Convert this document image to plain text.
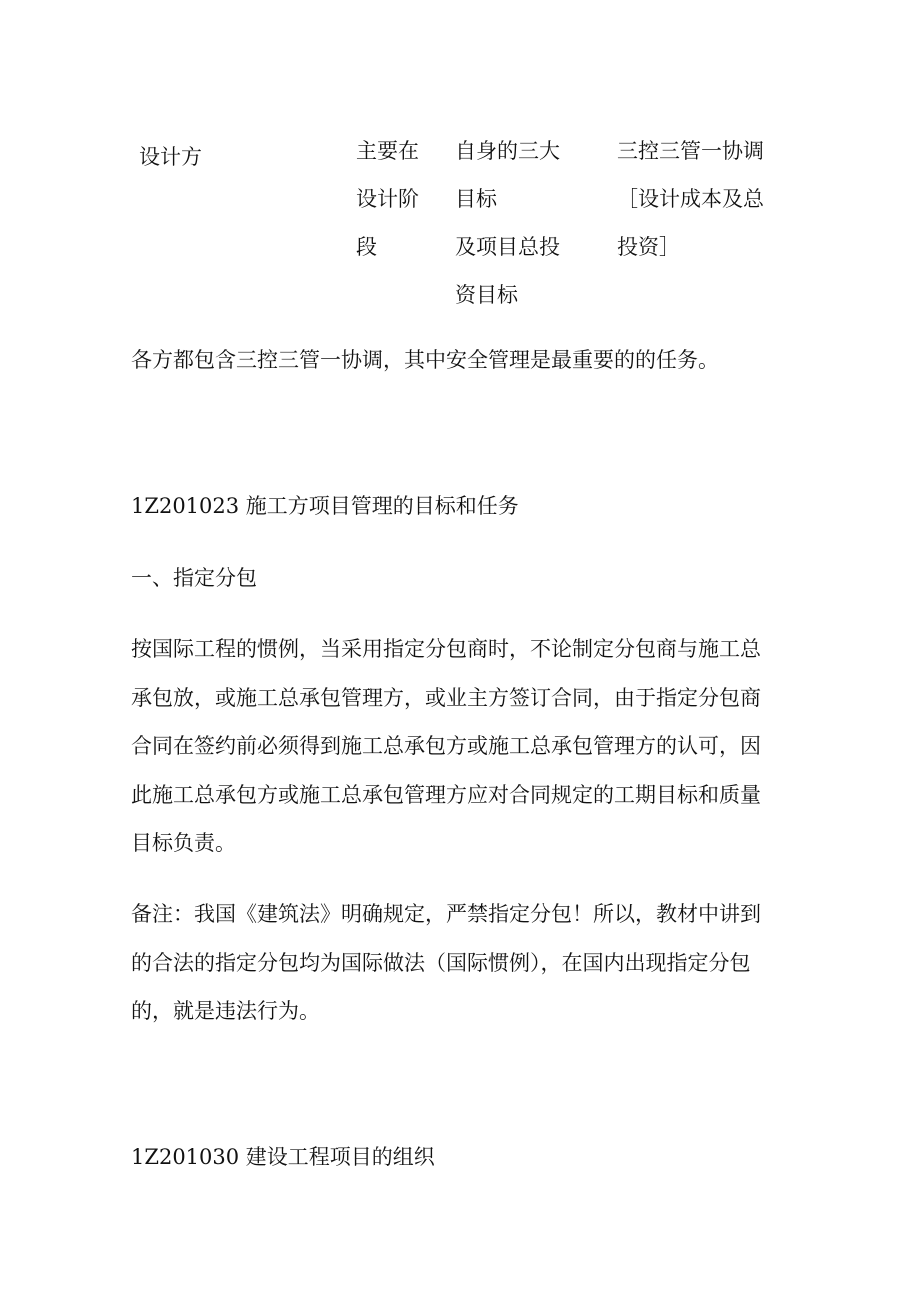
设计方	主要在

设计阶

段

自身的三大

目标

及项目总投

资目标

三控三管一协调

［设计成本及总

投资］

各方都包含三控三管一协调，其中安全管理是最重要的的任务。

1Z201023 施工方项目管理的目标和任务

一、指定分包

按国际工程的惯例，当采用指定分包商时，不论制定分包商与施工总

承包放，或施工总承包管理方，或业主方签订合同，由于指定分包商

合同在签约前必须得到施工总承包方或施工总承包管理方的认可，因

此施工总承包方或施工总承包管理方应对合同规定的工期目标和质量

目标负责。

备注：我国《建筑法》明确规定，严禁指定分包！所以，教材中讲到

的合法的指定分包均为国际做法（国际惯例），在国内出现指定分包

的，就是违法行为。

1Z201030 建设工程项目的组织
